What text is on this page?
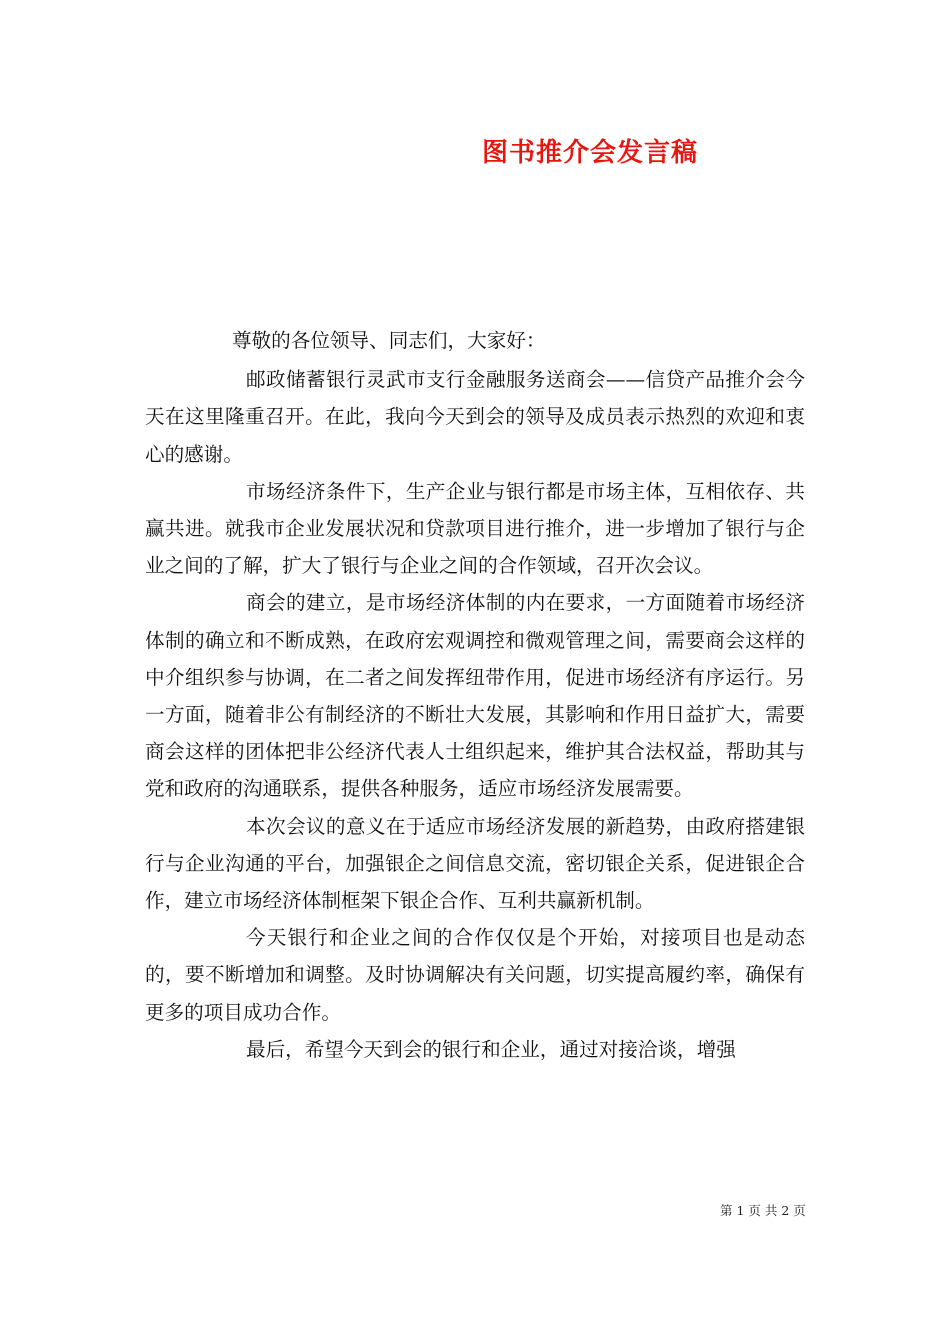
图书推介会发言稿

尊敬的各位领导、同志们，大家好：

邮政储蓄银行灵武市支行金融服务送商会——信贷产品推介会今天在这里隆重召开。在此，我向今天到会的领导及成员表示热烈的欢迎和衷心的感谢。

市场经济条件下，生产企业与银行都是市场主体，互相依存、共赢共进。就我市企业发展状况和贷款项目进行推介，进一步增加了银行与企业之间的了解，扩大了银行与企业之间的合作领域，召开次会议。

商会的建立，是市场经济体制的内在要求，一方面随着市场经济体制的确立和不断成熟，在政府宏观调控和微观管理之间，需要商会这样的中介组织参与协调，在二者之间发挥纽带作用，促进市场经济有序运行。另一方面，随着非公有制经济的不断壮大发展，其影响和作用日益扩大，需要商会这样的团体把非公经济代表人士组织起来，维护其合法权益，帮助其与党和政府的沟通联系，提供各种服务，适应市场经济发展需要。

本次会议的意义在于适应市场经济发展的新趋势，由政府搭建银行与企业沟通的平台，加强银企之间信息交流，密切银企关系，促进银企合作，建立市场经济体制框架下银企合作、互利共赢新机制。

今天银行和企业之间的合作仅仅是个开始，对接项目也是动态的，要不断增加和调整。及时协调解决有关问题，切实提高履约率，确保有更多的项目成功合作。

最后，希望今天到会的银行和企业，通过对接洽谈，增强

第 1 页 共 2 页
